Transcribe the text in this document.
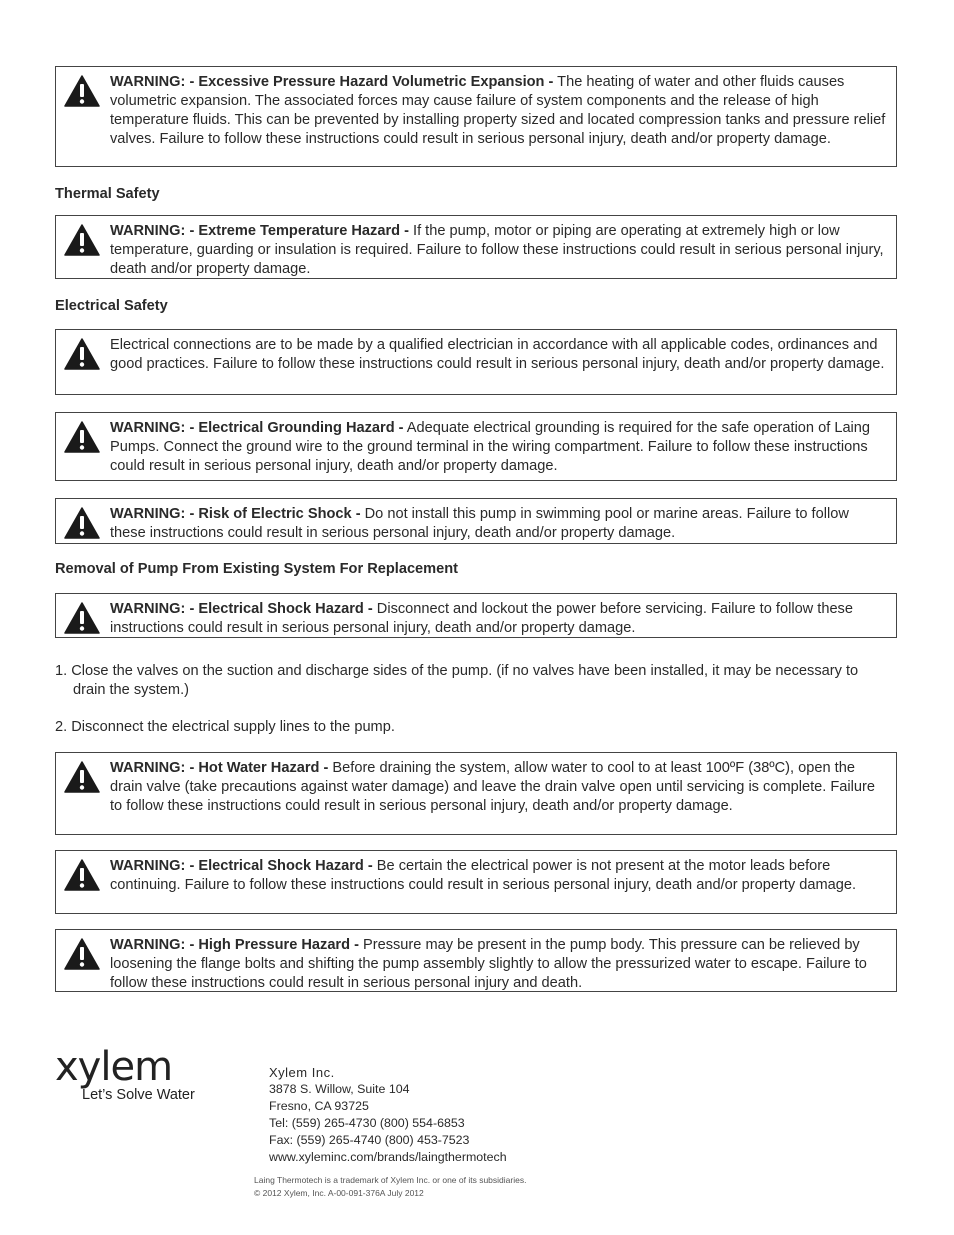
WARNING: - Excessive Pressure Hazard Volumetric Expansion - The heating of water and other fluids causes volumetric expansion. The associated forces may cause failure of system components and the release of high temperature fluids. This can be prevented by installing property sized and located compression tanks and pressure relief valves. Failure to follow these instructions could result in serious personal injury, death and/or property damage.
Thermal Safety
WARNING: - Extreme Temperature Hazard - If the pump, motor or piping are operating at extremely high or low temperature, guarding or insulation is required. Failure to follow these instructions could result in serious personal injury, death and/or property damage.
Electrical Safety
Electrical connections are to be made by a qualified electrician in accordance with all applicable codes, ordinances and good practices. Failure to follow these instructions could result in serious personal injury, death and/or property damage.
WARNING: - Electrical Grounding Hazard - Adequate electrical grounding is required for the safe operation of Laing Pumps. Connect the ground wire to the ground terminal in the wiring compartment. Failure to follow these instructions could result in serious personal injury, death and/or property damage.
WARNING: - Risk of Electric Shock - Do not install this pump in swimming pool or marine areas. Failure to follow these instructions could result in serious personal injury, death and/or property damage.
Removal of Pump From Existing System For Replacement
WARNING: - Electrical Shock Hazard - Disconnect and lockout the power before servicing. Failure to follow these instructions could result in serious personal injury, death and/or property damage.
1. Close the valves on the suction and discharge sides of the pump. (if no valves have been installed, it may be necessary to drain the system.)
2. Disconnect the electrical supply lines to the pump.
WARNING: - Hot Water Hazard - Before draining the system, allow water to cool to at least 100ºF (38ºC), open the drain valve (take precautions against water damage) and leave the drain valve open until servicing is complete. Failure to follow these instructions could result in serious personal injury, death and/or property damage.
WARNING: - Electrical Shock Hazard - Be certain the electrical power is not present at the motor leads before continuing. Failure to follow these instructions could result in serious personal injury, death and/or property damage.
WARNING: - High Pressure Hazard - Pressure may be present in the pump body. This pressure can be relieved by loosening the flange bolts and shifting the pump assembly slightly to allow the pressurized water to escape. Failure to follow these instructions could result in serious personal injury and death.
xylem
Let’s Solve Water
Xylem Inc.
3878 S. Willow, Suite 104
Fresno, CA 93725
Tel: (559) 265-4730 (800) 554-6853
Fax: (559) 265-4740 (800) 453-7523
www.xyleminc.com/brands/laingthermotech
Laing Thermotech is a trademark of Xylem Inc. or one of its subsidiaries.
© 2012 Xylem, Inc. A-00-091-376A July 2012
